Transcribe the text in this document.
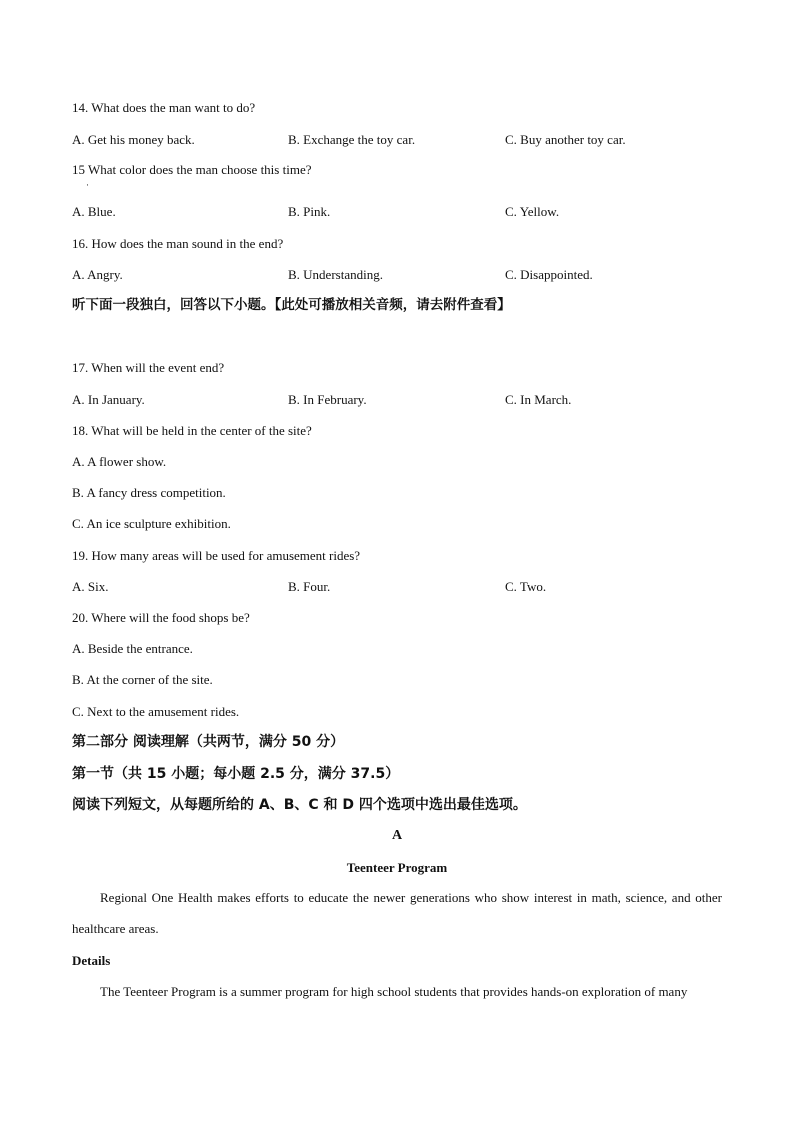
14. What does the man want to do?
A. Get his money back.	B. Exchange the toy car.	C. Buy another toy car.
15 What color does the man choose this time?
·
A. Blue.	B. Pink.	C. Yellow.
16. How does the man sound in the end?
A. Angry.	B. Understanding.	C. Disappointed.
听下面一段独白，回答以下小题。【此处可播放相关音频，请去附件查看】
17. When will the event end?
A. In January.	B. In February.	C. In March.
18. What will be held in the center of the site?
A. A flower show.
B. A fancy dress competition.
C. An ice sculpture exhibition.
19. How many areas will be used for amusement rides?
A. Six.	B. Four.	C. Two.
20. Where will the food shops be?
A. Beside the entrance.
B. At the corner of the site.
C. Next to the amusement rides.
第二部分 阅读理解（共两节，满分 50 分）
第一节（共 15 小题；每小题 2.5 分，满分 37.5）
阅读下列短文，从每题所给的 A、B、C 和 D 四个选项中选出最佳选项。
A
Teenteer Program
Regional One Health makes efforts to educate the newer generations who show interest in math, science, and other healthcare areas.
Details
The Teenteer Program is a summer program for high school students that provides hands-on exploration of many
